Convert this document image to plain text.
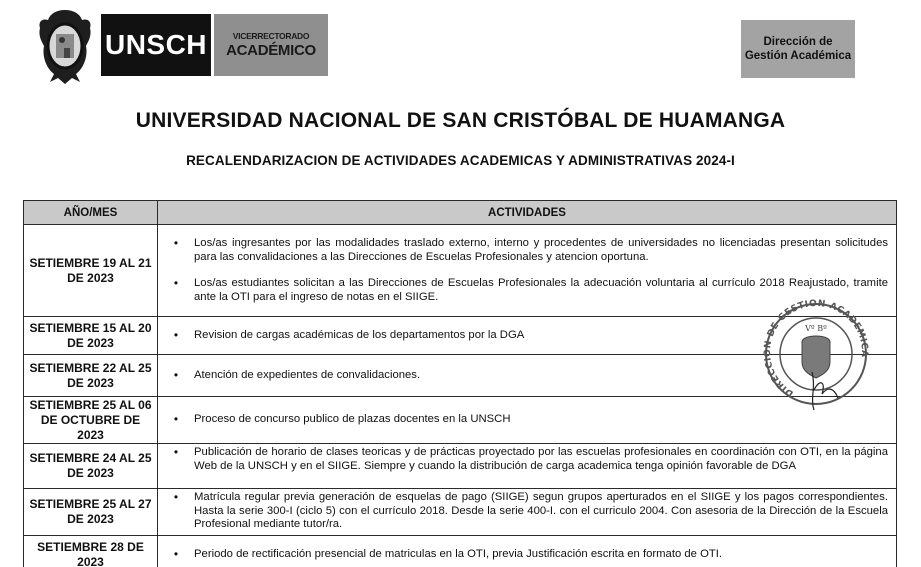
UNSCH	VICERRECTORADO
ACADÉMICO	Dirección de
Gestión Académica
UNIVERSIDAD NACIONAL DE SAN CRISTÓBAL DE HUAMANGA
RECALENDARIZACION DE ACTIVIDADES ACADEMICAS Y ADMINISTRATIVAS 2024-I
AÑO/MES	ACTIVIDADES
SETIEMBRE 19 AL 21 DE 2023	• Los/as ingresantes por las modalidades traslado externo, interno y procedentes de universidades no licenciadas presentan solicitudes para las convalidaciones a las Direcciones de Escuelas Profesionales y atencion oportuna.
• Los/as estudiantes solicitan a las Direcciones de Escuelas Profesionales la adecuación voluntaria al currículo 2018 Reajustado, tramite ante la OTI para el ingreso de notas en el SIIGE.

SETIEMBRE 15 AL 20 DE 2023	• Revision de cargas académicas de los departamentos por la DGA

SETIEMBRE 22 AL 25 DE 2023	• Atención de expedientes de convalidaciones.

SETIEMBRE 25 AL 06 DE OCTUBRE DE 2023	• Proceso de concurso publico de plazas docentes en la UNSCH

SETIEMBRE 24 AL 25 DE 2023	• Publicación de horario de clases teoricas y de prácticas proyectado por las escuelas profesionales en coordinación con OTI, en la página Web de la UNSCH y en el SIIGE. Siempre y cuando la distribución de carga academica tenga opinión favorable de DGA

SETIEMBRE 25 AL 27 DE 2023	• Matrícula regular previa generación de esquelas de pago (SIIGE) segun grupos aperturados en el SIIGE y los pagos correspondientes. Hasta la serie 300-I (ciclo 5) con el currículo 2018. Desde la serie 400-I. con el curriculo 2004. Con asesoria de la Dirección de la Escuela Profesional mediante tutor/ra.

SETIEMBRE 28 DE 2023	• Periodo de rectificación presencial de matriculas en la OTI, previa Justificación escrita en formato de OTI.
DIRECCION DE GESTION ACADEMICA
Vº Bº
